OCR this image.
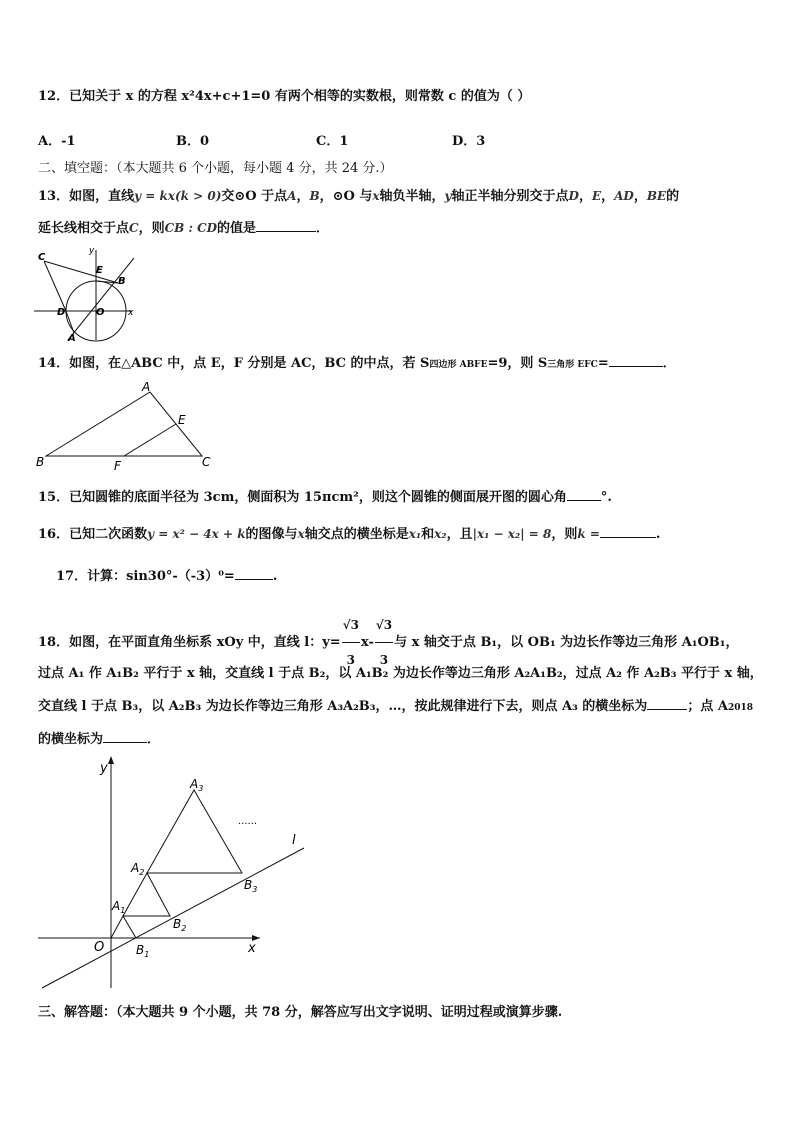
12．已知关于 x 的方程 x²4x+c+1=0 有两个相等的实数根，则常数 c 的值为（ ）
A．-1	B．0	C．1	D．3
二、填空题：（本大题共 6 个小题，每小题 4 分，共 24 分.）
13．如图，直线y = kx(k > 0)交⊙O 于点A，B，⊙O 与x轴负半轴，y轴正半轴分别交于点D，E，AD，BE的
延长线相交于点C，则CB : CD的值是	．
C
E
B
D	O
A
x
y
14．如图，在△ABC 中，点 E，F 分别是 AC，BC 的中点，若 S四边形 ABFE=9，则 S三角形 EFC=	．
A
E
B	F	C
15．已知圆锥的底面半径为 3cm，侧面积为 15πcm²，则这个圆锥的侧面展开图的圆心角	°.
16．已知二次函数y = x² − 4x + k的图像与x轴交点的横坐标是x₁和x₂，且|x₁ − x₂| = 8，则k =	.
17．计算：sin30°-（-3）⁰=	.
18．如图，在平面直角坐标系 xOy 中，直线 l：$y= \frac{√3}{3} x- \frac{√3}{3}$ 与 x 轴交于点 B₁，以 OB₁ 为边长作等边三角形 A₁OB₁，
过点 A₁ 作 A₁B₂ 平行于 x 轴，交直线 l 于点 B₂，以 A₁B₂ 为边长作等边三角形 A₂A₁B₂，过点 A₂ 作 A₂B₃ 平行于 x 轴，
交直线 l 于点 B₃，以 A₂B₃ 为边长作等边三角形 A₃A₂B₃，…，按此规律进行下去，则点 A₃ 的横坐标为	；点 A2018
的横坐标为	．
y
x
O
$A_1$
$A_2$
$A_3$
$B_1$
$B_2$
$B_3$
l
......
三、解答题：（本大题共 9 个小题，共 78 分，解答应写出文字说明、证明过程或演算步骤.
